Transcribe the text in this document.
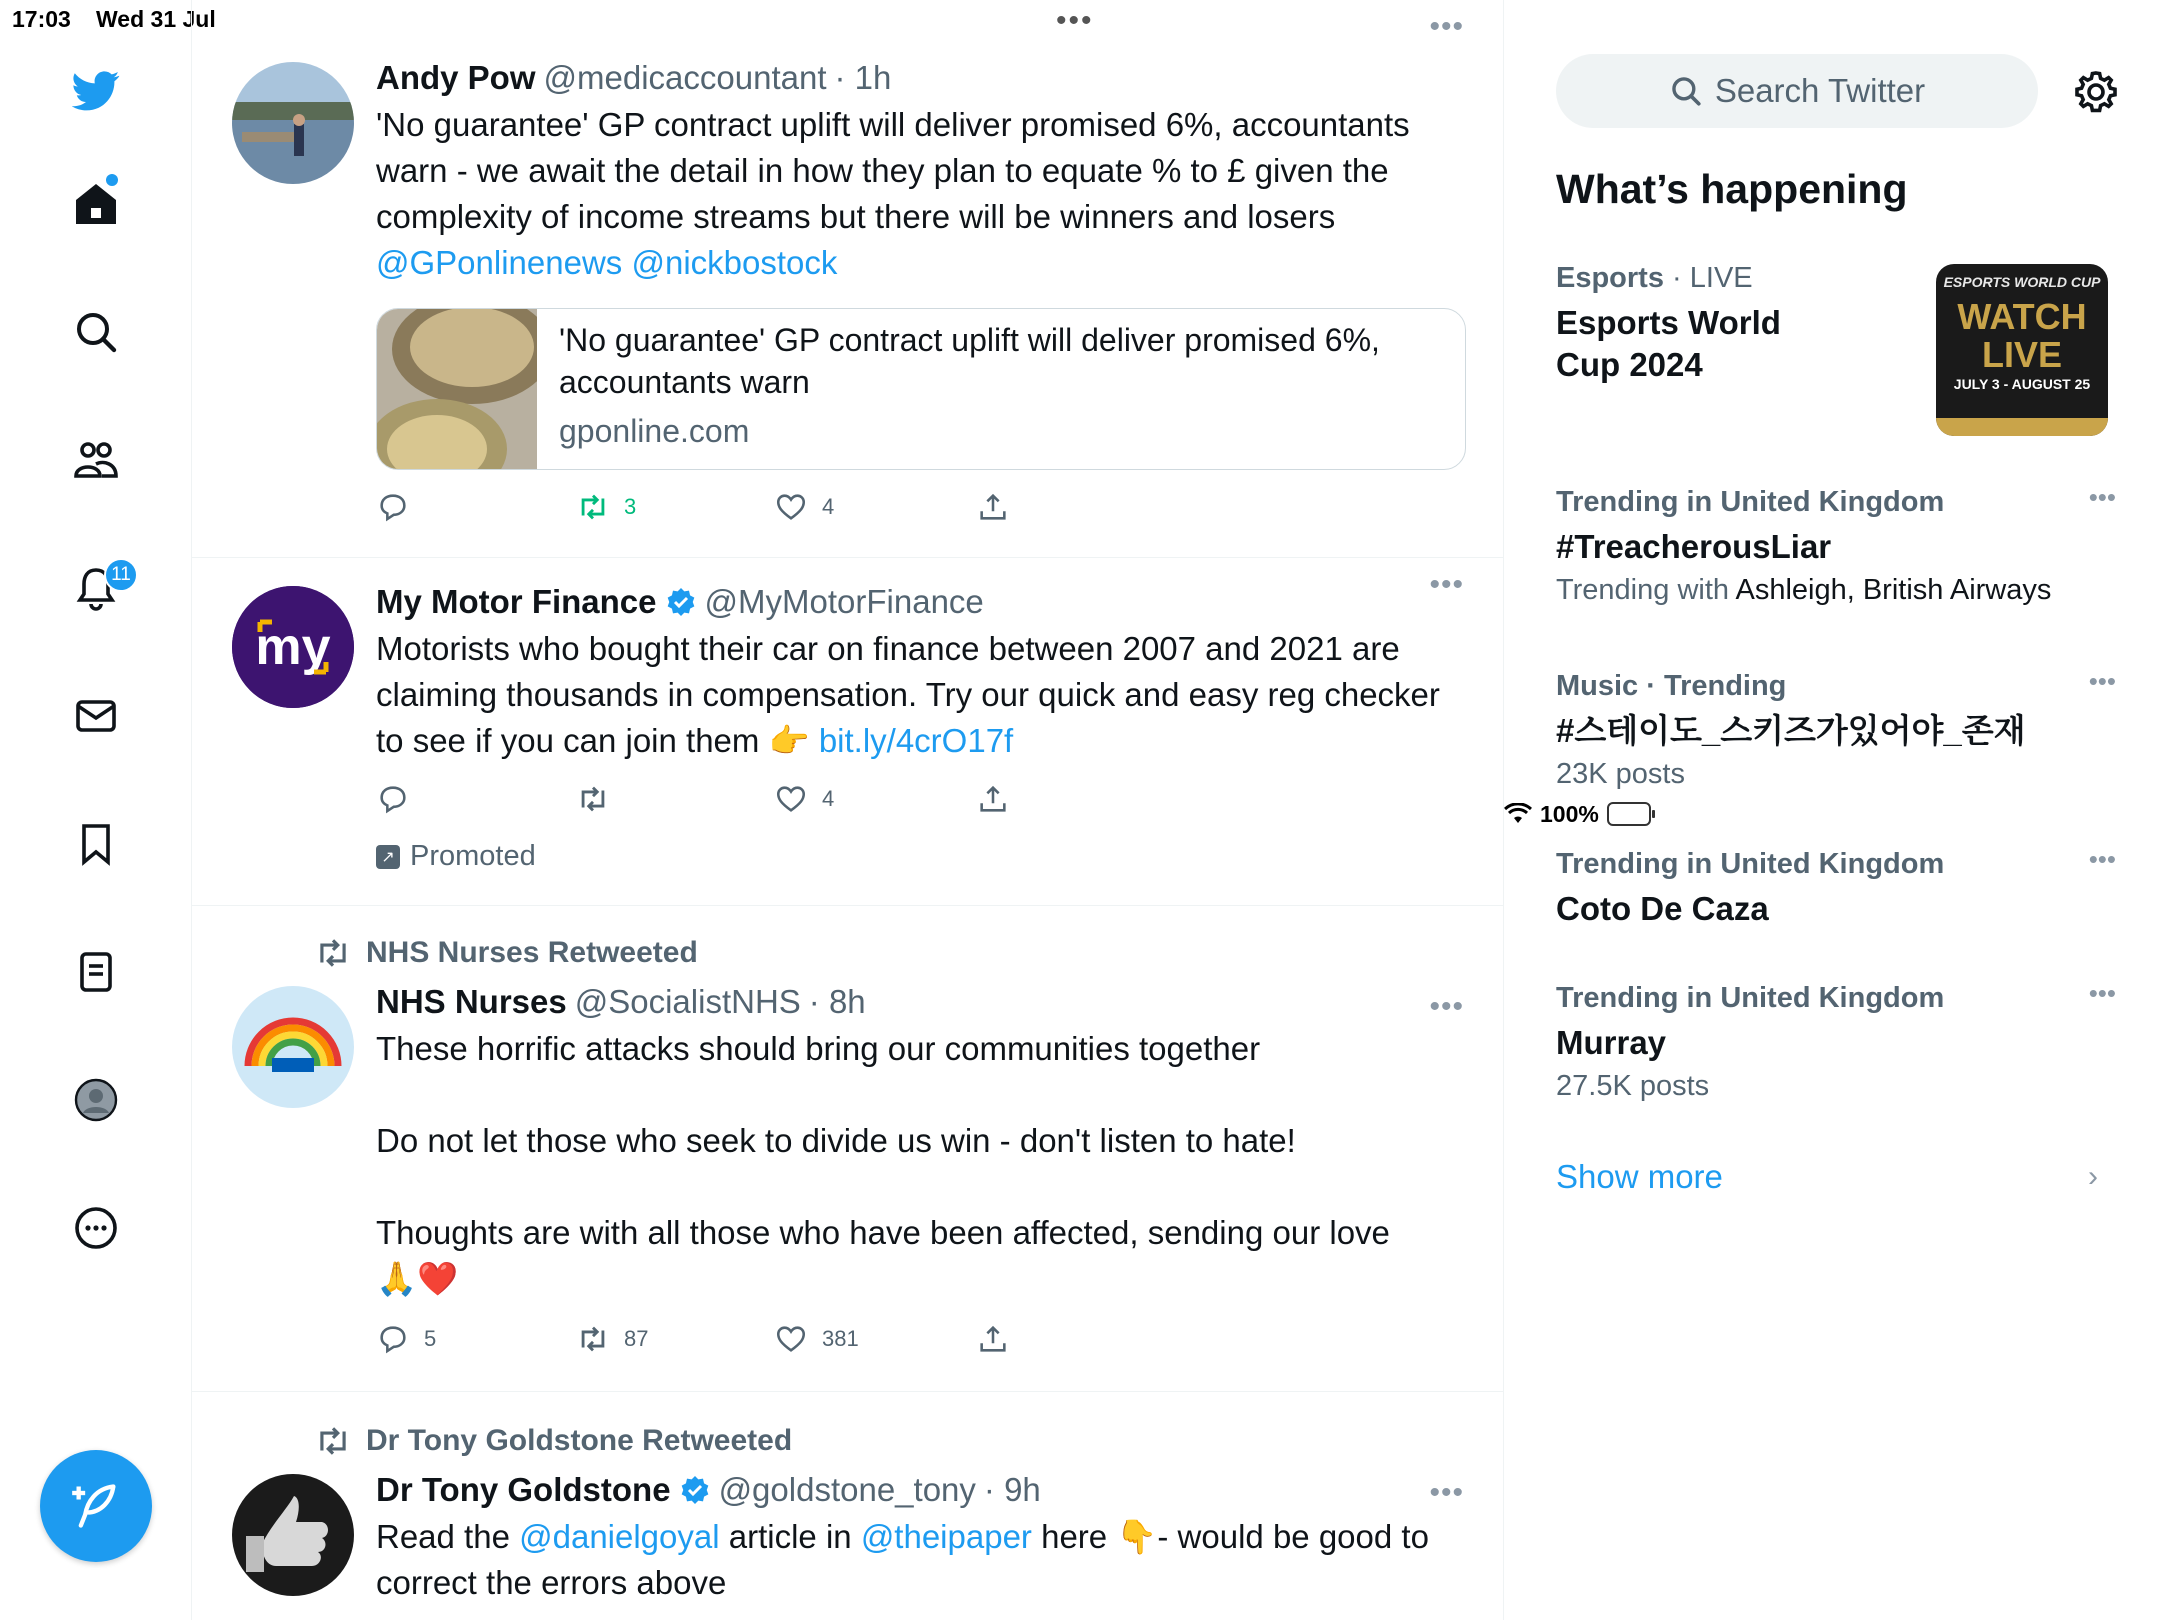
17:03 Wed 31 Jul	•••
100%
11
Andy Pow @medicaccountant · 1h
'No guarantee' GP contract uplift will deliver promised 6%, accountants warn - we await the detail in how they plan to equate % to £ given the complexity of income streams but there will be winners and losers
@GPonlinenews @nickbostock
•••
'No guarantee' GP contract uplift will deliver promised 6%, accountants warn
gponline.com
3	4
my
My Motor Finance @MyMotorFinance
Motorists who bought their car on finance between 2007 and 2021 are claiming thousands in compensation. Try our quick and easy reg checker to see if you can join them 👉 bit.ly/4crO17f
•••
4
↗ Promoted
NHS Nurses Retweeted
NHS Nurses @SocialistNHS · 8h
These horrific attacks should bring our communities together
Do not let those who seek to divide us win - don't listen to hate!
Thoughts are with all those who have been affected, sending our love
🙏❤️
•••
5	87	381
Dr Tony Goldstone Retweeted
Dr Tony Goldstone @goldstone_tony · 9h
Read the @danielgoyal article in @theipaper here 👇- would be good to correct the errors above
•••
Search Twitter
What’s happening
Esports · LIVE
Esports World Cup 2024
ESPORTS WORLD CUP
WATCH LIVE
JULY 3 - AUGUST 25
Trending in United Kingdom
#TreacherousLiar
Trending with Ashleigh, British Airways
•••
Music · Trending
#스테이도_스키즈가있어야_존재
23K posts
•••
Trending in United Kingdom
Coto De Caza
•••
Trending in United Kingdom
Murray
27.5K posts
•••
Show more	›
